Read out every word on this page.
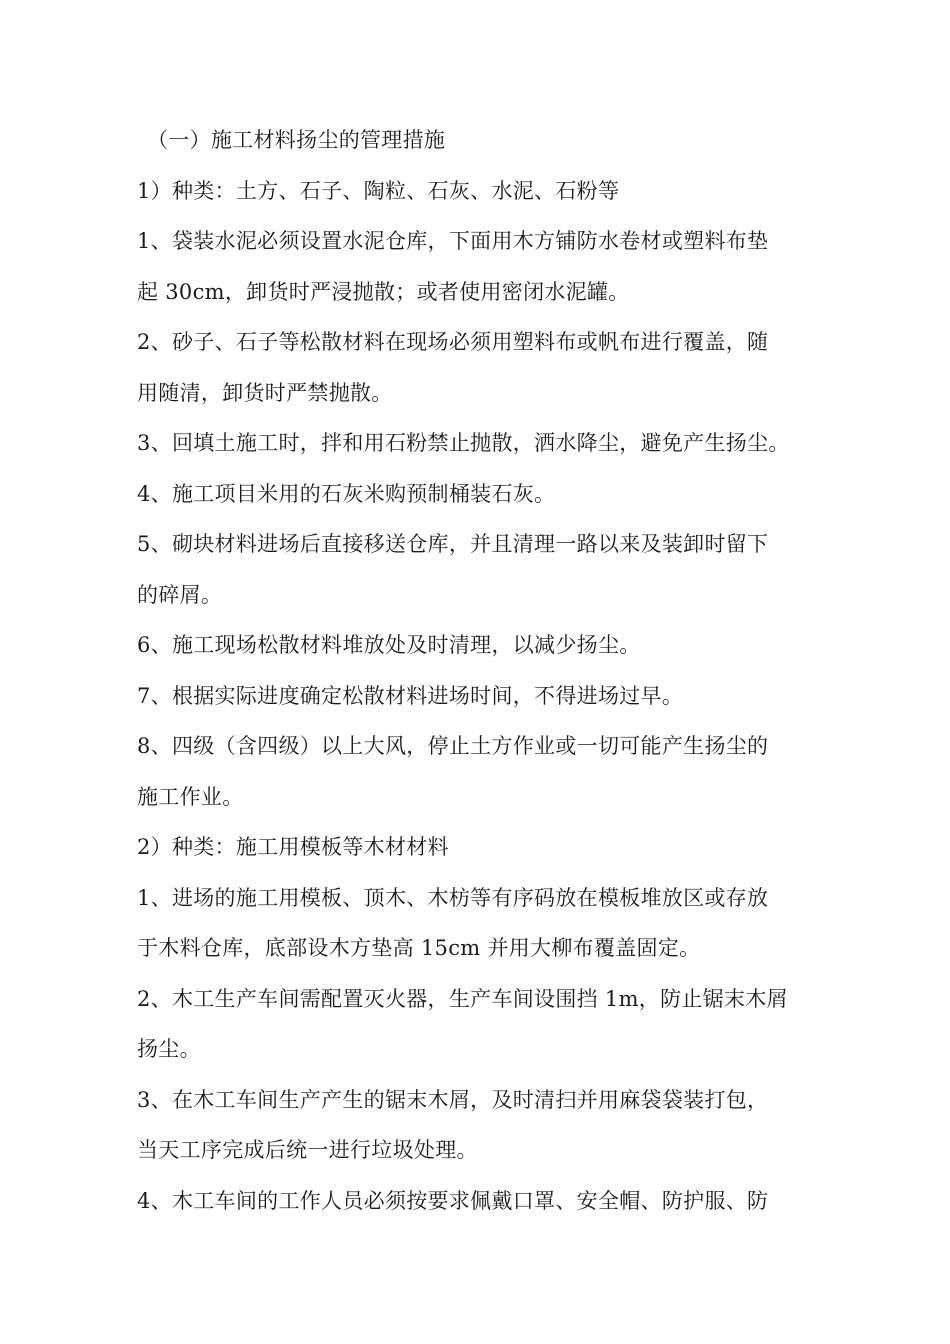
（一）施工材料扬尘的管理措施
1）种类：土方、石子、陶粒、石灰、水泥、石粉等
1、袋装水泥必须设置水泥仓库，下面用木方铺防水卷材或塑料布垫
起 30cm，卸货时严浸抛散；或者使用密闭水泥罐。
2、砂子、石子等松散材料在现场必须用塑料布或帆布进行覆盖，随
用随清，卸货时严禁抛散。
3、回填土施工时，拌和用石粉禁止抛散，洒水降尘，避免产生扬尘。
4、施工项目米用的石灰米购预制桶装石灰。
5、砌块材料进场后直接移送仓库，并且清理一路以来及装卸时留下
的碎屑。
6、施工现场松散材料堆放处及时清理，以减少扬尘。
7、根据实际进度确定松散材料进场时间，不得进场过早。
8、四级（含四级）以上大风，停止土方作业或一切可能产生扬尘的
施工作业。
2）种类：施工用模板等木材材料
1、进场的施工用模板、顶木、木枋等有序码放在模板堆放区或存放
于木料仓库，底部设木方垫高 15cm 并用大柳布覆盖固定。
2、木工生产车间需配置灭火器，生产车间设围挡 1m，防止锯末木屑
扬尘。
3、在木工车间生产产生的锯末木屑，及时清扫并用麻袋袋装打包，
当天工序完成后统一进行垃圾处理。
4、木工车间的工作人员必须按要求佩戴口罩、安全帽、防护服、防
